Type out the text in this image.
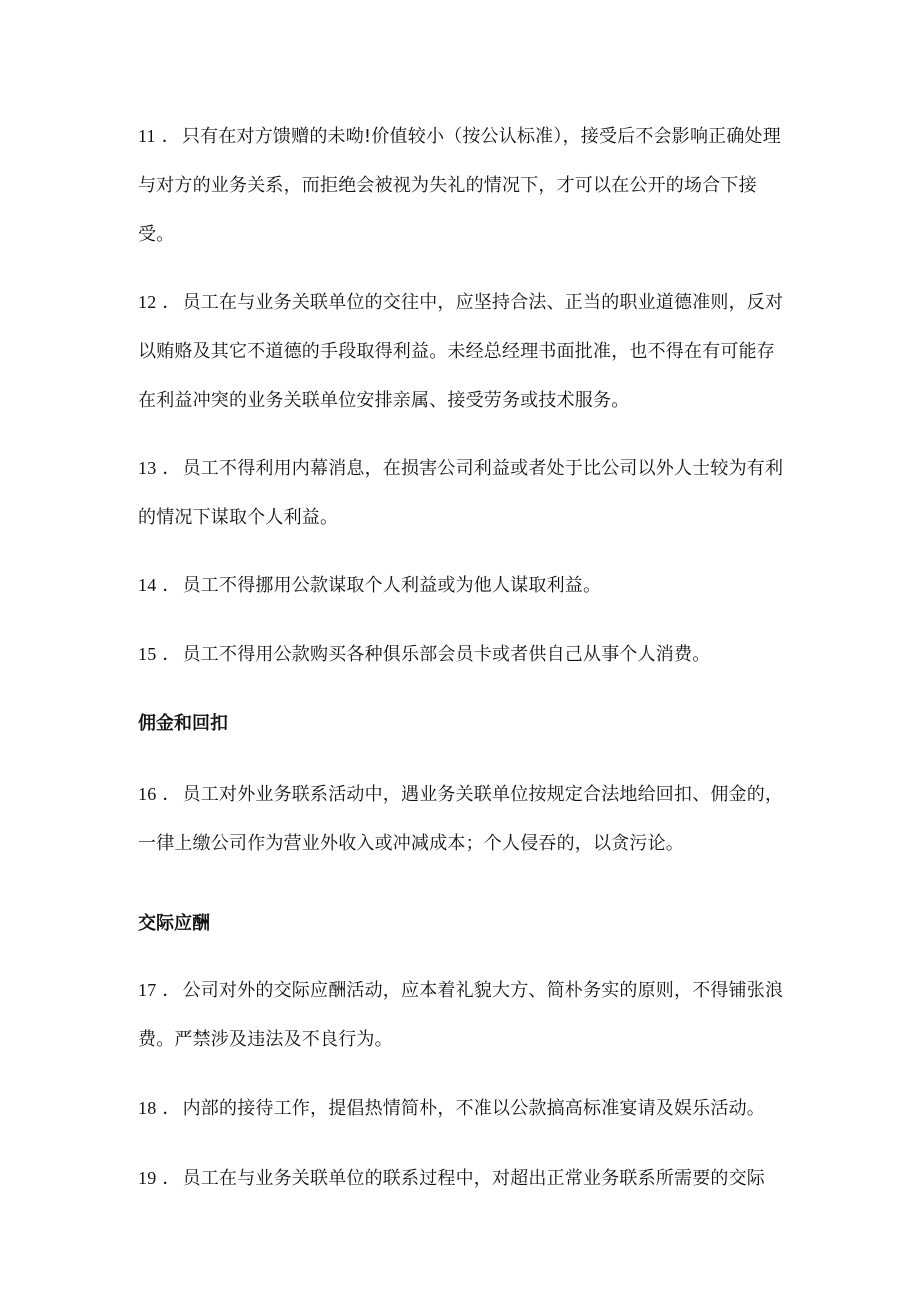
11 ． 只有在对方馈赠的未呦!价值较小（按公认标准），接受后不会影响正确处理与对方的业务关系，而拒绝会被视为失礼的情况下，才可以在公开的场合下接受。

12 ． 员工在与业务关联单位的交往中，应坚持合法、正当的职业道德准则，反对以贿赂及其它不道德的手段取得利益。未经总经理书面批准，也不得在有可能存在利益冲突的业务关联单位安排亲属、接受劳务或技术服务。

13 ． 员工不得利用内幕消息，在损害公司利益或者处于比公司以外人士较为有利的情况下谋取个人利益。

14 ． 员工不得挪用公款谋取个人利益或为他人谋取利益。

15 ． 员工不得用公款购买各种俱乐部会员卡或者供自己从事个人消费。

佣金和回扣

16 ． 员工对外业务联系活动中，遇业务关联单位按规定合法地给回扣、佣金的，一律上缴公司作为营业外收入或冲减成本；个人侵吞的，以贪污论。

交际应酬

17 ． 公司对外的交际应酬活动，应本着礼貌大方、简朴务实的原则，不得铺张浪费。严禁涉及违法及不良行为。

18 ． 内部的接待工作，提倡热情简朴，不准以公款搞高标准宴请及娱乐活动。

19 ． 员工在与业务关联单位的联系过程中，对超出正常业务联系所需要的交际
